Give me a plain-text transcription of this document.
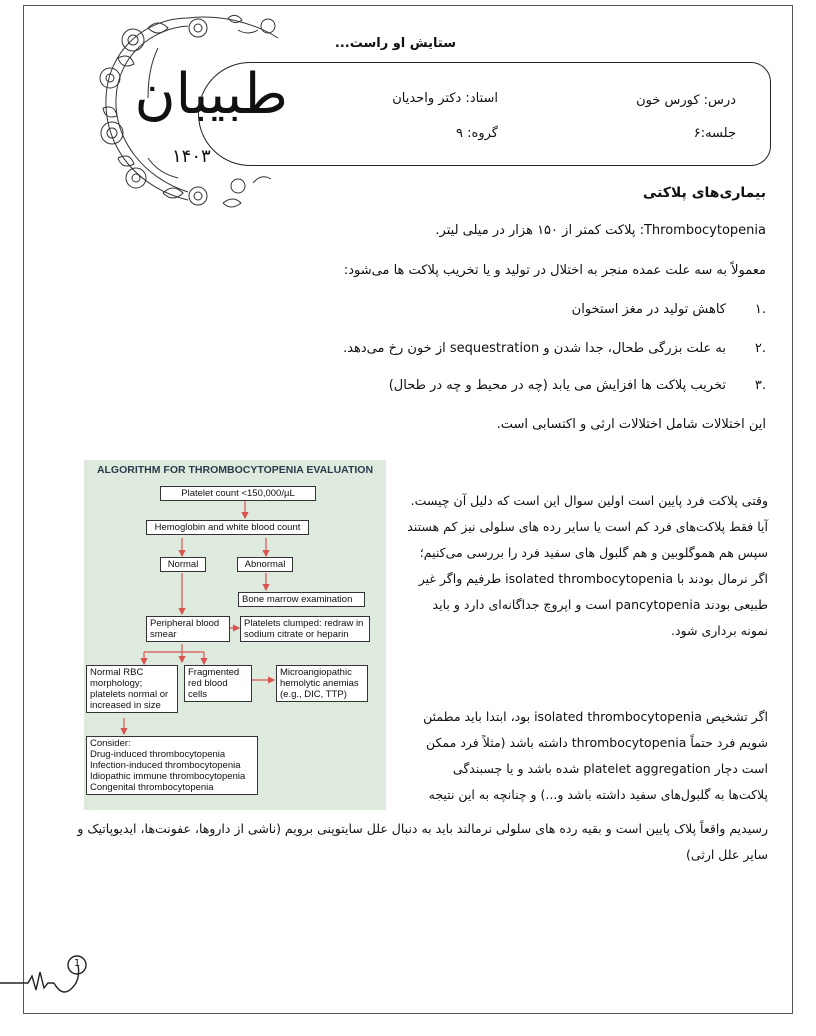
طبیبان
۱۴۰۳
ستایش او راست...
درس: کورس خون
استاد: دکتر واحدیان
جلسه:۶
گروه: ۹
بیماری‌های پلاکتی
Thrombocytopenia: پلاکت کمتر از ۱۵۰ هزار در میلی لیتر.
معمولاً به سه علت عمده منجر به اختلال در تولید و یا تخریب پلاکت ها می‌شود:
.۱کاهش تولید در مغز استخوان
.۲به علت بزرگی طحال، جدا شدن و sequestration از خون رخ می‌دهد.
.۳تخریب پلاکت ها افزایش می یابد (چه در محیط و چه در طحال)
این اختلالات شامل اختلالات ارثی و اکتسابی است.
ALGORITHM FOR THROMBOCYTOPENIA EVALUATION
Platelet count <150,000/µL
Hemoglobin and white blood count
Normal	Abnormal
Bone marrow examination
Peripheral blood smear
Platelets clumped: redraw in sodium citrate or heparin
Normal RBC morphology; platelets normal or increased in size
Fragmented red blood cells
Microangiopathic hemolytic anemias (e.g., DIC, TTP)
Consider:
Drug-induced thrombocytopenia
Infection-induced thrombocytopenia
Idiopathic immune thrombocytopenia
Congenital thrombocytopenia
وقتی پلاکت فرد پایین است اولین سوال این است که دلیل آن چیست.
آیا فقط پلاکت‌های فرد کم است یا سایر رده های سلولی نیز کم هستند
سپس هم هموگلوبین و هم گلبول های سفید فرد را بررسی می‌کنیم؛
اگر نرمال بودند با isolated thrombocytopenia طرفیم واگر غیر
طبیعی بودند pancytopenia است و اپروچ جداگانه‌ای دارد و باید
نمونه برداری شود.
اگر تشخیص isolated thrombocytopenia بود، ابتدا باید مطمئن
شویم فرد حتماً thrombocytopenia داشته باشد (مثلاً فرد ممکن
است دچار platelet aggregation شده باشد و یا چسبندگی
پلاکت‌ها به گلبول‌های سفید داشته باشد و...) و چنانچه به این نتیجه
رسیدیم واقعاً پلاک پایین است و بقیه رده های سلولی نرمالند باید به دنبال علل سایتوپنی برویم (ناشی از داروها، عفونت‌ها، ایدیوپاتیک و
سایر علل ارثی)
1
